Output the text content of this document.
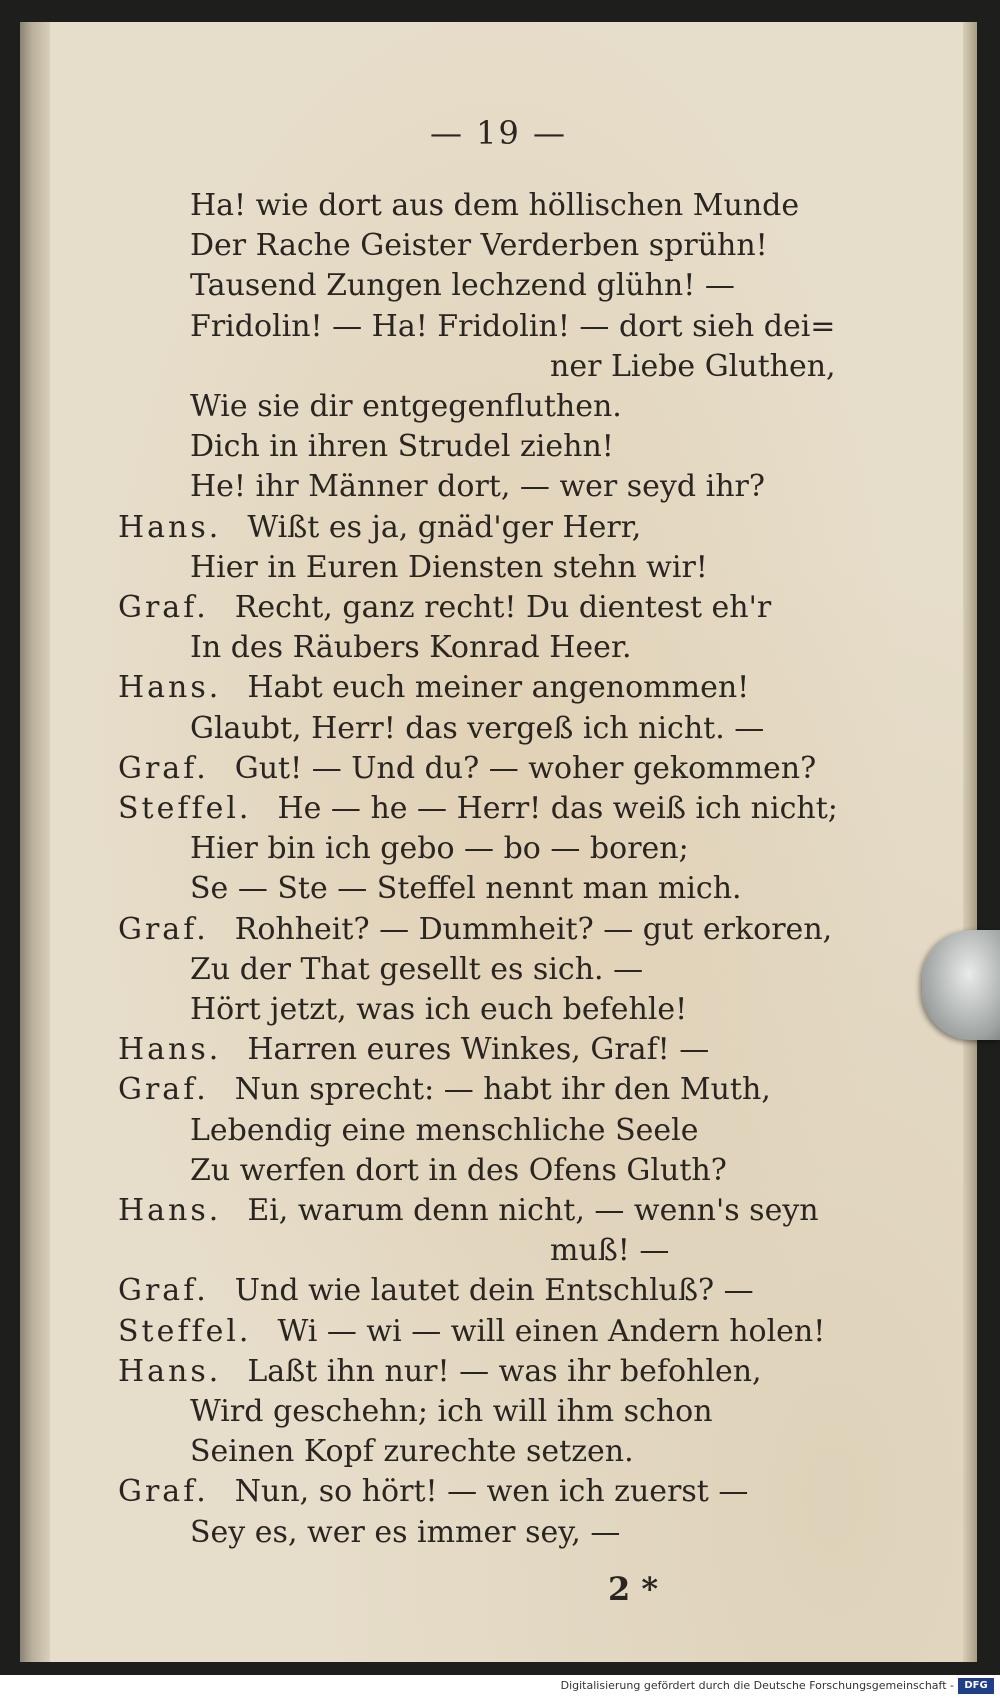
— 19 —
Ha! wie dort aus dem höllischen Munde
Der Rache Geister Verderben sprühn!
Tausend Zungen lechzend glühn! —
Fridolin! — Ha! Fridolin! — dort sieh dei=
ner Liebe Gluthen,
Wie sie dir entgegenfluthen.
Dich in ihren Strudel ziehn!
He! ihr Männer dort, — wer seyd ihr?
Hans. Wißt es ja, gnäd'ger Herr,
Hier in Euren Diensten stehn wir!
Graf. Recht, ganz recht! Du dientest eh'r
In des Räubers Konrad Heer.
Hans. Habt euch meiner angenommen!
Glaubt, Herr! das vergeß ich nicht. —
Graf. Gut! — Und du? — woher gekommen?
Steffel. He — he — Herr! das weiß ich nicht;
Hier bin ich gebo — bo — boren;
Se — Ste — Steffel nennt man mich.
Graf. Rohheit? — Dummheit? — gut erkoren,
Zu der That gesellt es sich. —
Hört jetzt, was ich euch befehle!
Hans. Harren eures Winkes, Graf! —
Graf. Nun sprecht: — habt ihr den Muth,
Lebendig eine menschliche Seele
Zu werfen dort in des Ofens Gluth?
Hans. Ei, warum denn nicht, — wenn's seyn
muß! —
Graf. Und wie lautet dein Entschluß? —
Steffel. Wi — wi — will einen Andern holen!
Hans. Laßt ihn nur! — was ihr befohlen,
Wird geschehn; ich will ihm schon
Seinen Kopf zurechte setzen.
Graf. Nun, so hört! — wen ich zuerst —
Sey es, wer es immer sey, —
2 *
Digitalisierung gefördert durch die Deutsche Forschungsgemeinschaft -	DFG
